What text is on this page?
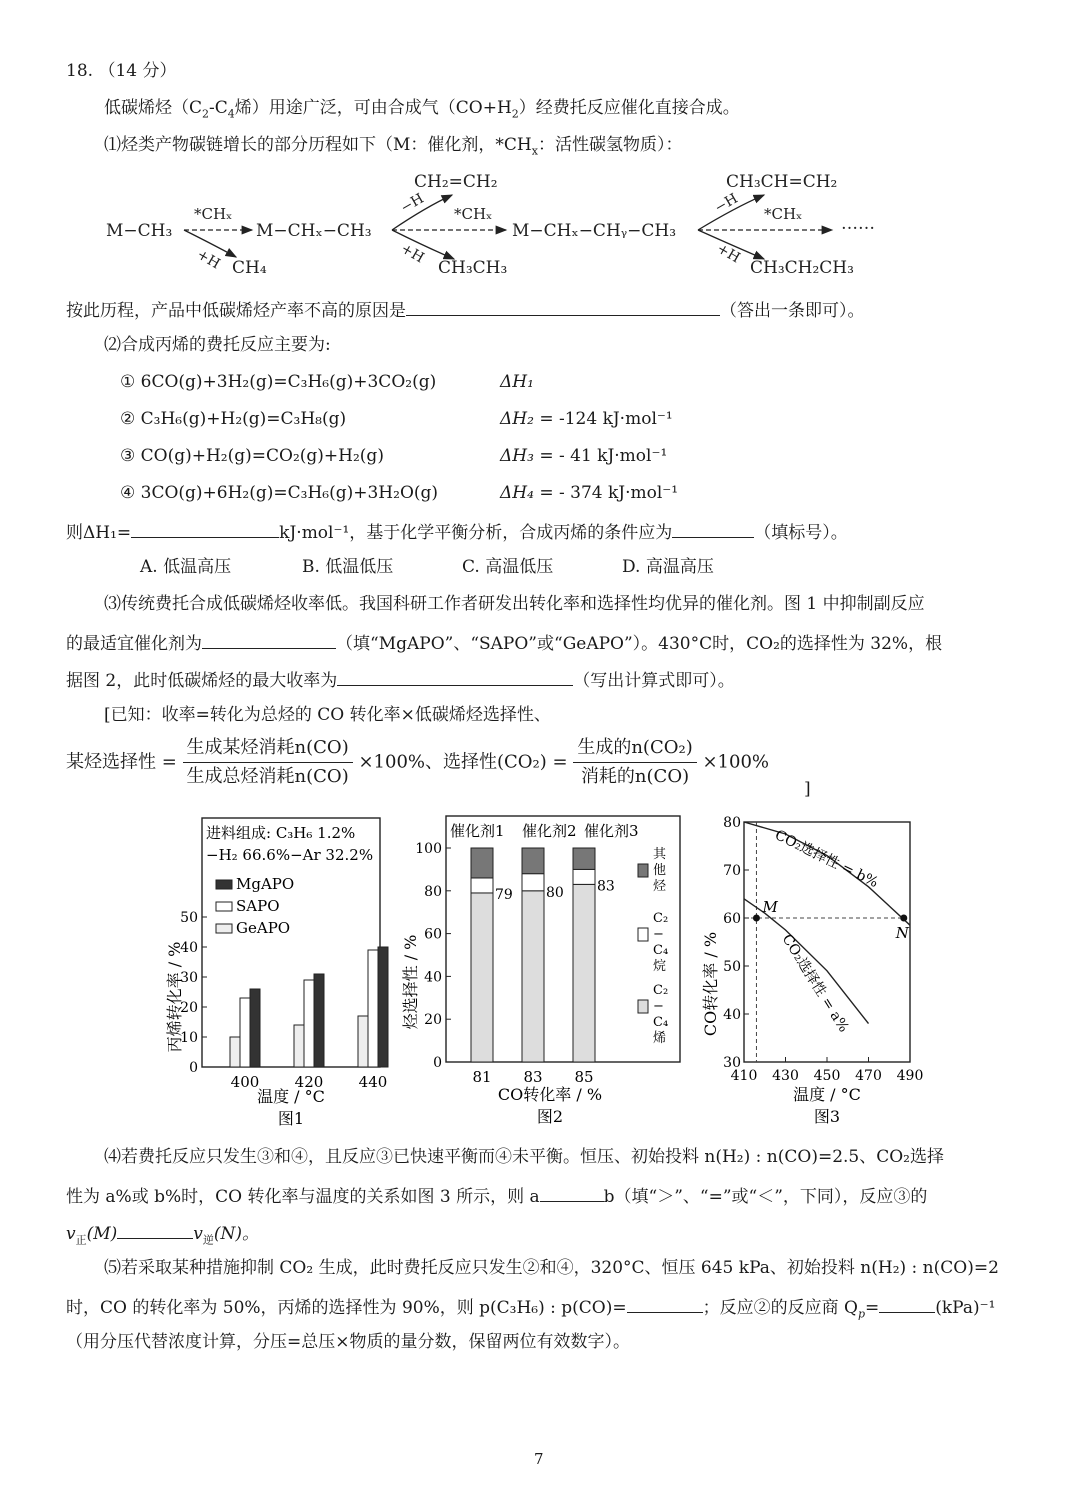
18. （14 分）
低碳烯烃（$C_2-C_4$烯）用途广泛，可由合成气$(CO+H_2)$经费托反应催化直接合成。
⑴烃类产物碳链增长的部分历程如下（M：催化剂，$*CH_x$：活性碳氢物质）：
M−CH₃	M−CHₓ−CH₃	M−CHₓ−CHᵧ−CH₃	……
*CHₓ	*CHₓ	*CHₓ
+H	+H	+H
−H	−H
CH₄
CH₂=CH₂
CH₃CH₃
CH₃CH=CH₂
CH₃CH₂CH₃
按此历程，产品中低碳烯烃产率不高的原因是	（答出一条即可）。
⑵合成丙烯的费托反应主要为:
① 6CO(g)+3H₂(g)=C₃H₆(g)+3CO₂(g)	ΔH₁
② C₃H₆(g)+H₂(g)=C₃H₈(g)	ΔH₂ = -124 kJ·mol⁻¹
③ CO(g)+H₂(g)=CO₂(g)+H₂(g)	ΔH₃ = - 41 kJ·mol⁻¹
④ 3CO(g)+6H₂(g)=C₃H₆(g)+3H₂O(g)	ΔH₄ = - 374 kJ·mol⁻¹
则ΔH₁=	kJ·mol⁻¹，基于化学平衡分析，合成丙烯的条件应为	（填标号）。
A. 低温高压	B. 低温低压	C. 高温低压	D. 高温高压
⑶传统费托合成低碳烯烃收率低。我国科研工作者研发出转化率和选择性均优异的催化剂。图 1 中抑制副反应
的最适宜催化剂为	（填“MgAPO”、“SAPO”或“GeAPO”）。430°C时，CO₂的选择性为 32%，根
据图 2，此时低碳烯烃的最大收率为	（写出计算式即可）。
[已知：收率=转化为总烃的 CO 转化率×低碳烯烃选择性、
某烃选择性 = $\frac{\text{生成某烃消耗n(CO)}}{\text{生成总烃消耗n(CO)}} \times 100\%$、选择性$(CO_2) = \frac{\text{生成的n(CO₂)}}{\text{消耗的n(CO)}} \times 100\%$
]
进料组成: C₃H₆ 1.2%
−H₂ 66.6%−Ar 32.2%
MgAPO
SAPO
GeAPO
0
10
20
30
40
50
400 420 440
丙烯转化率 / %
温度 / °C
图1
催化剂1 催化剂2 催化剂3
79 80 83
其
他
烃
C₂
−
C₄
烷
C₂
−
C₄
烯
0
20
40
60
80
100
81 83 85
烃选择性 / %
CO转化率 / %
图2
CO₂选择性 = b%
CO₂选择性 = a%
M
N
30
40
50
60
70
80
410 430 450 470 490
CO转化率 / %
温度 / °C
图3
⑷若费托反应只发生③和④，且反应③已快速平衡而④未平衡。恒压、初始投料 n(H₂) : n(CO)=2.5、CO₂选择
性为 a%或 b%时，CO 转化率与温度的关系如图 3 所示，则 a	b（填“＞”、“=”或“＜”，下同），反应③的
$v_正(M)$	$v_逆(N)$。
⑸若采取某种措施抑制 CO₂ 生成，此时费托反应只发生②和④，320°C、恒压 645 kPa、初始投料 n(H₂) : n(CO)=2
时，CO 的转化率为 50%，丙烯的选择性为 90%，则 p(C₃H₆) : p(CO)=	；反应②的反应商 $Q_p=$	(kPa)⁻¹
（用分压代替浓度计算，分压=总压×物质的量分数，保留两位有效数字）。
7
